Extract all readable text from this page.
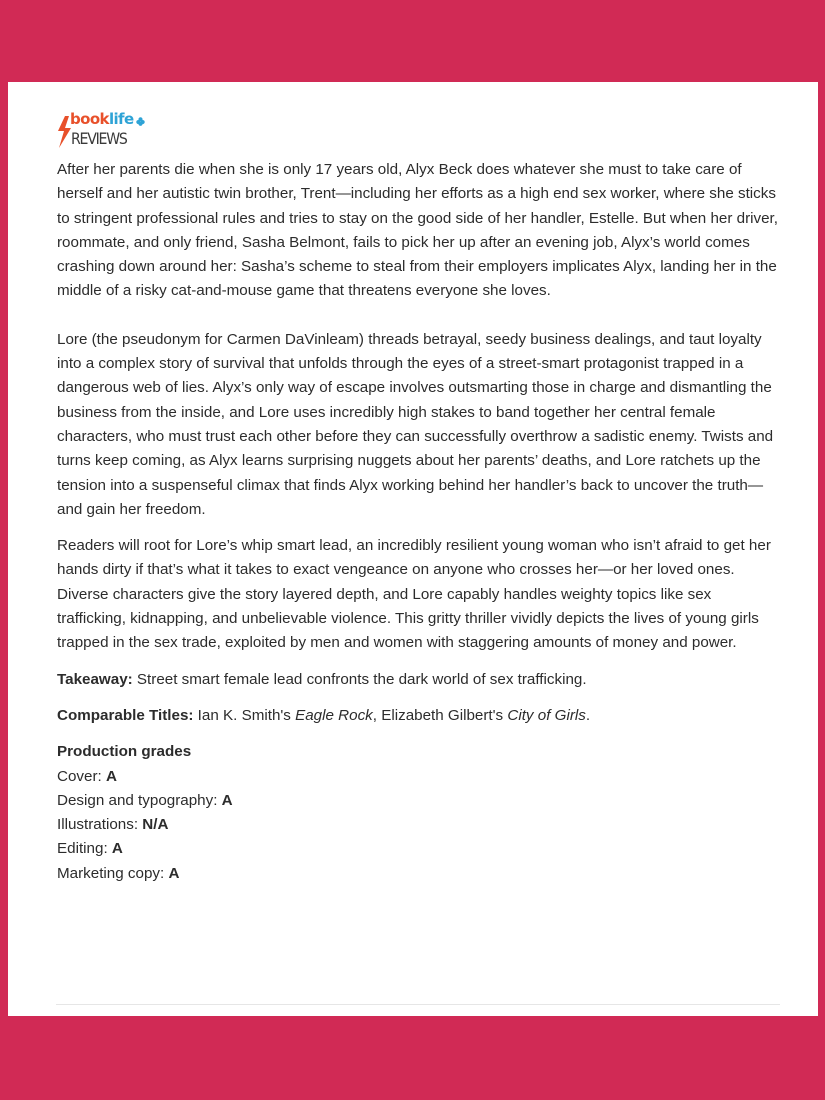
booklife
REVIEWS

After her parents die when she is only 17 years old, Alyx Beck does whatever she must to take care of herself and her autistic twin brother, Trent—including her efforts as a high end sex worker, where she sticks to stringent professional rules and tries to stay on the good side of her handler, Estelle. But when her driver, roommate, and only friend, Sasha Belmont, fails to pick her up after an evening job, Alyx’s world comes crashing down around her: Sasha’s scheme to steal from their employers implicates Alyx, landing her in the middle of a risky cat-and-mouse game that threatens everyone she loves.

Lore (the pseudonym for Carmen DaVinleam) threads betrayal, seedy business dealings, and taut loyalty into a complex story of survival that unfolds through the eyes of a street-smart protagonist trapped in a dangerous web of lies. Alyx’s only way of escape involves outsmarting those in charge and dismantling the business from the inside, and Lore uses incredibly high stakes to band together her central female characters, who must trust each other before they can successfully overthrow a sadistic enemy. Twists and turns keep coming, as Alyx learns surprising nuggets about her parents’ deaths, and Lore ratchets up the tension into a suspenseful climax that finds Alyx working behind her handler’s back to uncover the truth—and gain her freedom.

Readers will root for Lore’s whip smart lead, an incredibly resilient young woman who isn’t afraid to get her hands dirty if that’s what it takes to exact vengeance on anyone who crosses her—or her loved ones. Diverse characters give the story layered depth, and Lore capably handles weighty topics like sex trafficking, kidnapping, and unbelievable violence. This gritty thriller vividly depicts the lives of young girls trapped in the sex trade, exploited by men and women with staggering amounts of money and power.

Takeaway: Street smart female lead confronts the dark world of sex trafficking.

Comparable Titles: Ian K. Smith's Eagle Rock, Elizabeth Gilbert's City of Girls.

Production grades
Cover: A
Design and typography: A
Illustrations: N/A
Editing: A
Marketing copy: A
